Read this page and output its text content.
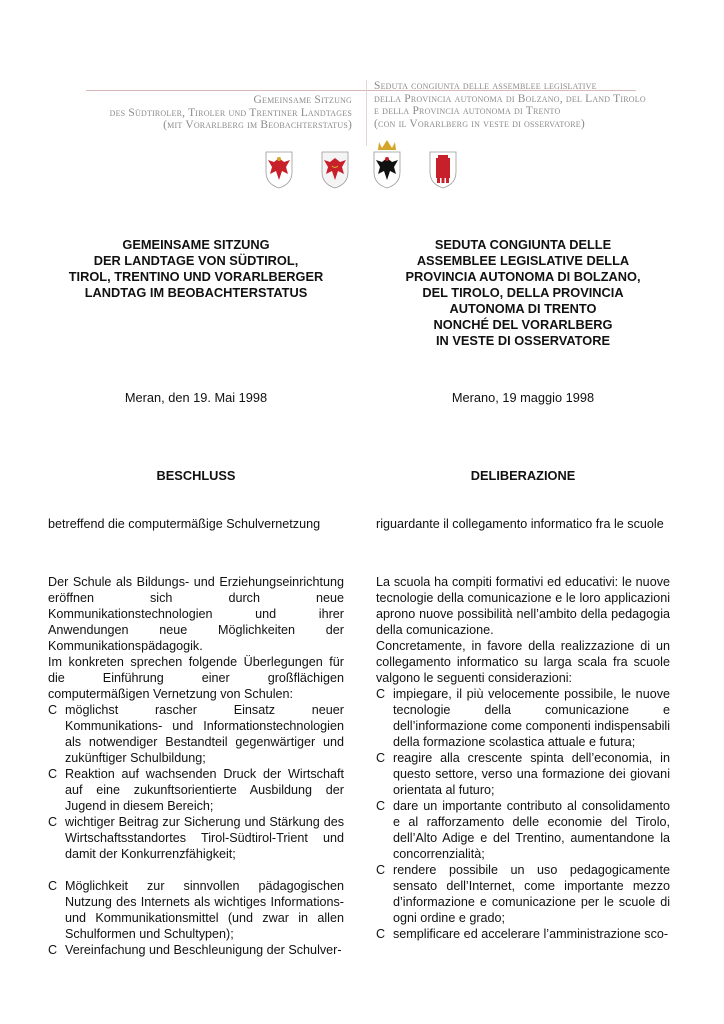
Gemeinsame Sitzung
des Südtiroler, Tiroler und Trentiner Landtages
(mit Vorarlberg im Beobachterstatus)
Seduta congiunta delle assemblee legislative
della Provincia autonoma di Bolzano, del Land Tirolo
e della Provincia autonoma di Trento
(con il Vorarlberg in veste di osservatore)
GEMEINSAME SITZUNG
DER LANDTAGE VON SÜDTIROL,
TIROL, TRENTINO UND VORARLBERGER
LANDTAG IM BEOBACHTERSTATUS
SEDUTA CONGIUNTA DELLE
ASSEMBLEE LEGISLATIVE DELLA
PROVINCIA AUTONOMA DI BOLZANO,
DEL TIROLO, DELLA PROVINCIA
AUTONOMA DI TRENTO
NONCHÉ DEL VORARLBERG
IN VESTE DI OSSERVATORE
Meran, den 19. Mai 1998	Merano, 19 maggio 1998
BESCHLUSS	DELIBERAZIONE
betreffend die computermäßige Schulvernetzung	riguardante il collegamento informatico fra le scuole

Der Schule als Bildungs- und Erziehungseinrichtung eröffnen sich durch neue Kommunikationstechnologien und ihrer Anwendungen neue Möglichkeiten der Kommunikationspädagogik.

Im konkreten sprechen folgende Überlegungen für die Einführung einer großflächigen computermäßigen Vernetzung von Schulen:

C möglichst rascher Einsatz neuer Kommunikations- und Informationstechnologien als notwendiger Bestandteil gegenwärtiger und zukünftiger Schulbildung;

C Reaktion auf wachsenden Druck der Wirtschaft auf eine zukunftsorientierte Ausbildung der Jugend in diesem Bereich;

C wichtiger Beitrag zur Sicherung und Stärkung des Wirtschaftsstandortes Tirol-Südtirol-Trient und damit der Konkurrenzfähigkeit;

C Möglichkeit zur sinnvollen pädagogischen Nutzung des Internets als wichtiges Informations- und Kommunikationsmittel (und zwar in allen Schulformen und Schultypen);

C Vereinfachung und Beschleunigung der Schulver-

La scuola ha compiti formativi ed educativi: le nuove tecnologie della comunicazione e le loro applicazioni aprono nuove possibilità nell’ambito della pedagogia della comunicazione.

Concretamente, in favore della realizzazione di un collegamento informatico su larga scala fra scuole valgono le seguenti considerazioni:

C impiegare, il più velocemente possibile, le nuove tecnologie della comunicazione e dell’informazione come componenti indispensabili della formazione scolastica attuale e futura;

C reagire alla crescente spinta dell’economia, in questo settore, verso una formazione dei giovani orientata al futuro;

C dare un importante contributo al consolidamento e al rafforzamento delle economie del Tirolo, dell’Alto Adige e del Trentino, aumentandone la concorrenzialità;

C rendere possibile un uso pedagogicamente sensato dell’Internet, come importante mezzo d’informazione e comunicazione per le scuole di ogni ordine e grado;

C semplificare ed accelerare l’amministrazione sco-
